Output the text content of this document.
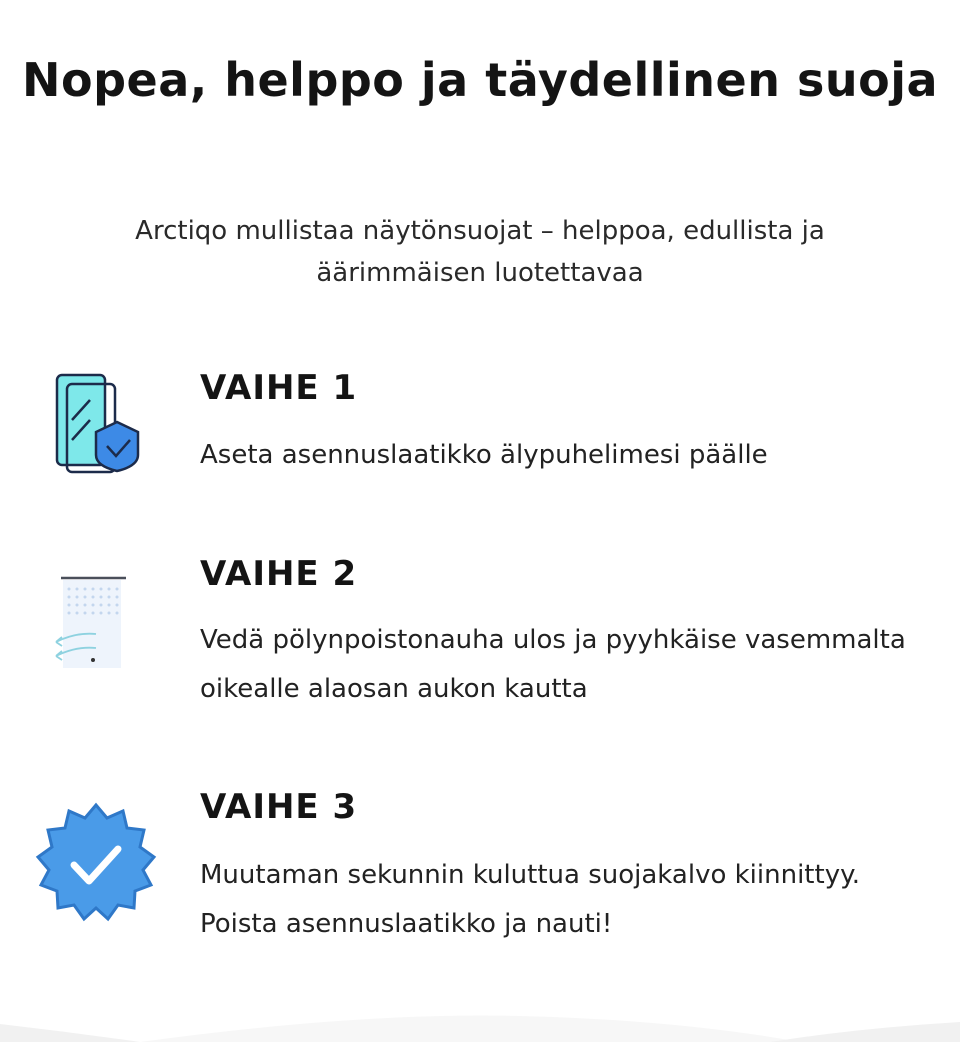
Nopea, helppo ja täydellinen suoja
Arctiqo mullistaa näytönsuojat – helppoa, edullista ja äärimmäisen luotettavaa
VAIHE 1

Aseta asennuslaatikko älypuhelimesi päälle

VAIHE 2

Vedä pölynpoistonauha ulos ja pyyhkäise vasemmalta oikealle alaosan aukon kautta

VAIHE 3

Muutaman sekunnin kuluttua suojakalvo kiinnittyy. Poista asennuslaatikko ja nauti!
